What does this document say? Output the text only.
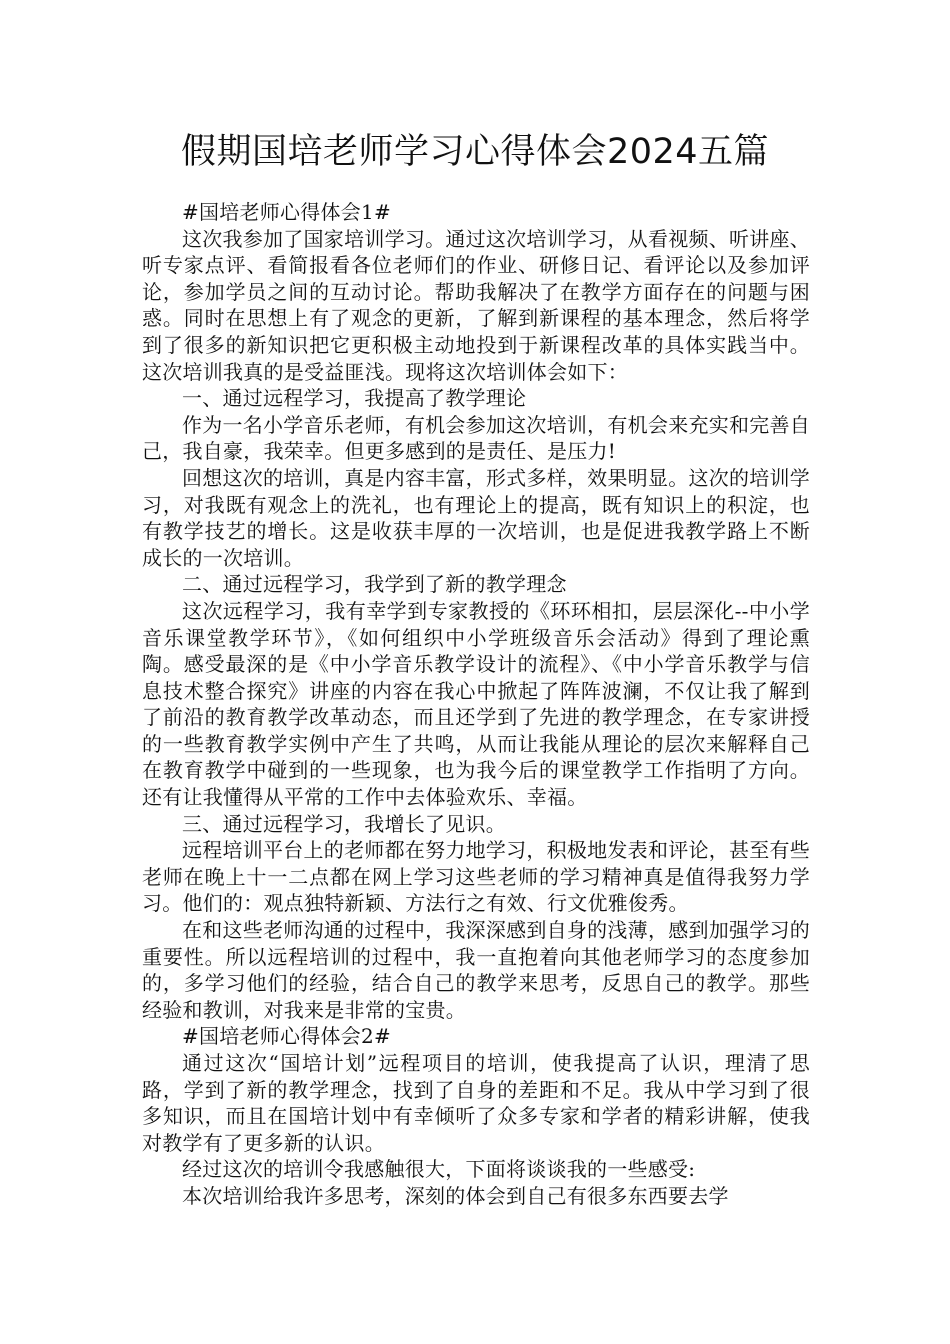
假期国培老师学习心得体会2024五篇

#国培老师心得体会1#

这次我参加了国家培训学习。通过这次培训学习，从看视频、听讲座、听专家点评、看简报看各位老师们的作业、研修日记、看评论以及参加评论，参加学员之间的互动讨论。帮助我解决了在教学方面存在的问题与困惑。同时在思想上有了观念的更新，了解到新课程的基本理念，然后将学到了很多的新知识把它更积极主动地投到于新课程改革的具体实践当中。这次培训我真的是受益匪浅。现将这次培训体会如下：

一、通过远程学习，我提高了教学理论

作为一名小学音乐老师，有机会参加这次培训，有机会来充实和完善自己，我自豪，我荣幸。但更多感到的是责任、是压力!

回想这次的培训，真是内容丰富，形式多样，效果明显。这次的培训学习，对我既有观念上的洗礼，也有理论上的提高，既有知识上的积淀，也有教学技艺的增长。这是收获丰厚的一次培训，也是促进我教学路上不断成长的一次培训。

二、通过远程学习，我学到了新的教学理念

这次远程学习，我有幸学到专家教授的《环环相扣，层层深化--中小学音乐课堂教学环节》，《如何组织中小学班级音乐会活动》得到了理论熏陶。感受最深的是《中小学音乐教学设计的流程》、《中小学音乐教学与信息技术整合探究》讲座的内容在我心中掀起了阵阵波澜，不仅让我了解到了前沿的教育教学改革动态，而且还学到了先进的教学理念，在专家讲授的一些教育教学实例中产生了共鸣，从而让我能从理论的层次来解释自己在教育教学中碰到的一些现象，也为我今后的课堂教学工作指明了方向。还有让我懂得从平常的工作中去体验欢乐、幸福。

三、通过远程学习，我增长了见识。

远程培训平台上的老师都在努力地学习，积极地发表和评论，甚至有些老师在晚上十一二点都在网上学习这些老师的学习精神真是值得我努力学习。他们的：观点独特新颖、方法行之有效、行文优雅俊秀。

在和这些老师沟通的过程中，我深深感到自身的浅薄，感到加强学习的重要性。所以远程培训的过程中，我一直抱着向其他老师学习的态度参加的，多学习他们的经验，结合自己的教学来思考，反思自己的教学。那些经验和教训，对我来是非常的宝贵。

#国培老师心得体会2#

通过这次“国培计划”远程项目的培训，使我提高了认识，理清了思路，学到了新的教学理念，找到了自身的差距和不足。我从中学习到了很多知识，而且在国培计划中有幸倾听了众多专家和学者的精彩讲解，使我对教学有了更多新的认识。

经过这次的培训令我感触很大，下面将谈谈我的一些感受:

本次培训给我许多思考，深刻的体会到自己有很多东西要去学
